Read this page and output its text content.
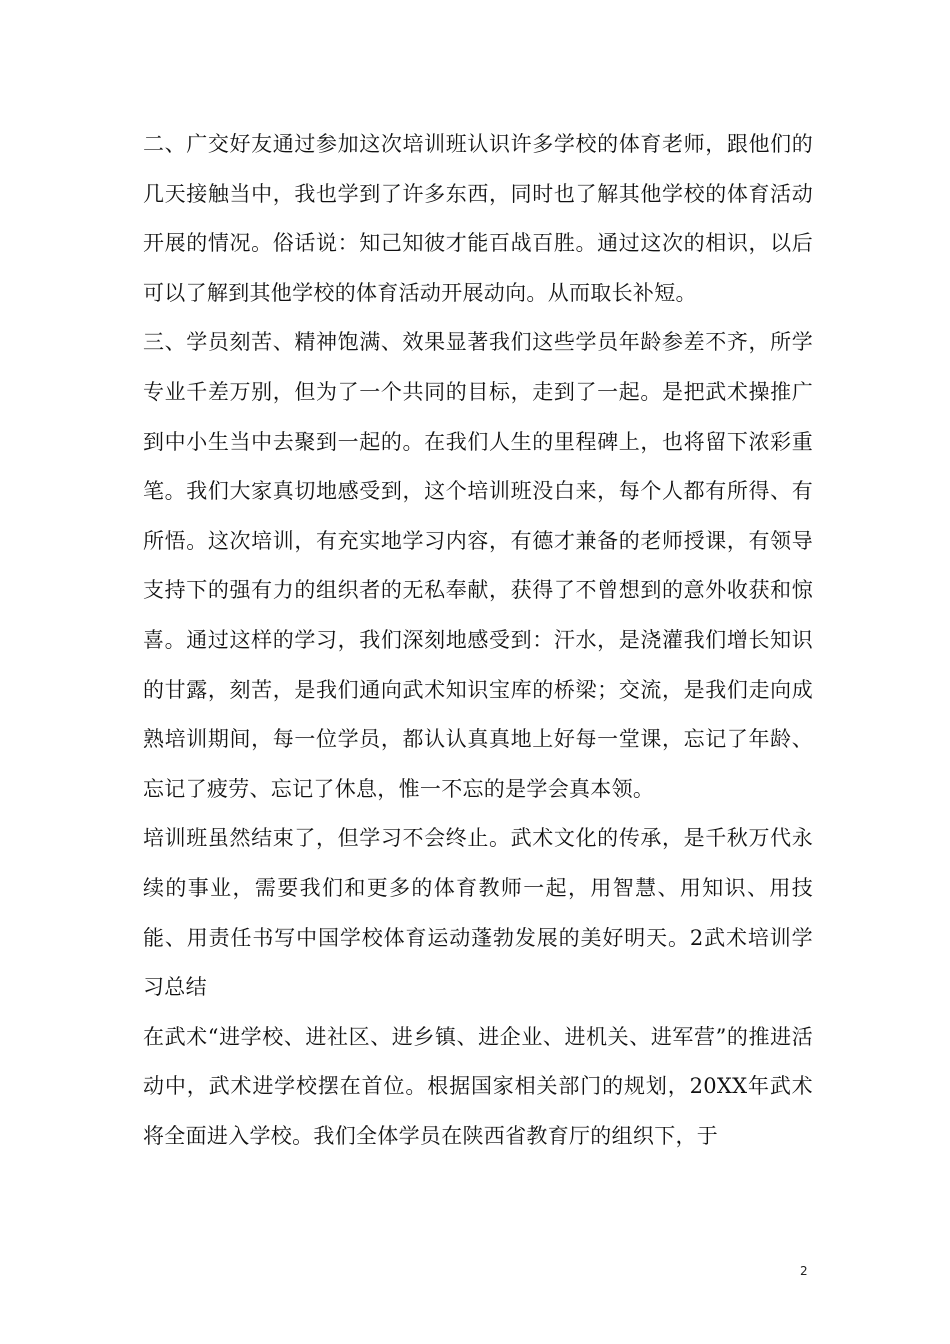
二、广交好友通过参加这次培训班认识许多学校的体育老师，跟他们的几天接触当中，我也学到了许多东西，同时也了解其他学校的体育活动开展的情况。俗话说：知己知彼才能百战百胜。通过这次的相识，以后可以了解到其他学校的体育活动开展动向。从而取长补短。

三、学员刻苦、精神饱满、效果显著我们这些学员年龄参差不齐，所学专业千差万别，但为了一个共同的目标，走到了一起。是把武术操推广到中小生当中去聚到一起的。在我们人生的里程碑上，也将留下浓彩重笔。我们大家真切地感受到，这个培训班没白来，每个人都有所得、有所悟。这次培训，有充实地学习内容，有德才兼备的老师授课，有领导支持下的强有力的组织者的无私奉献，获得了不曾想到的意外收获和惊喜。通过这样的学习，我们深刻地感受到：汗水，是浇灌我们增长知识的甘露，刻苦，是我们通向武术知识宝库的桥梁；交流，是我们走向成熟培训期间，每一位学员，都认认真真地上好每一堂课，忘记了年龄、忘记了疲劳、忘记了休息，惟一不忘的是学会真本领。

培训班虽然结束了，但学习不会终止。武术文化的传承，是千秋万代永续的事业，需要我们和更多的体育教师一起，用智慧、用知识、用技能、用责任书写中国学校体育运动蓬勃发展的美好明天。2武术培训学习总结

在武术“进学校、进社区、进乡镇、进企业、进机关、进军营”的推进活动中，武术进学校摆在首位。根据国家相关部门的规划，20XX年武术将全面进入学校。我们全体学员在陕西省教育厅的组织下，于

2
